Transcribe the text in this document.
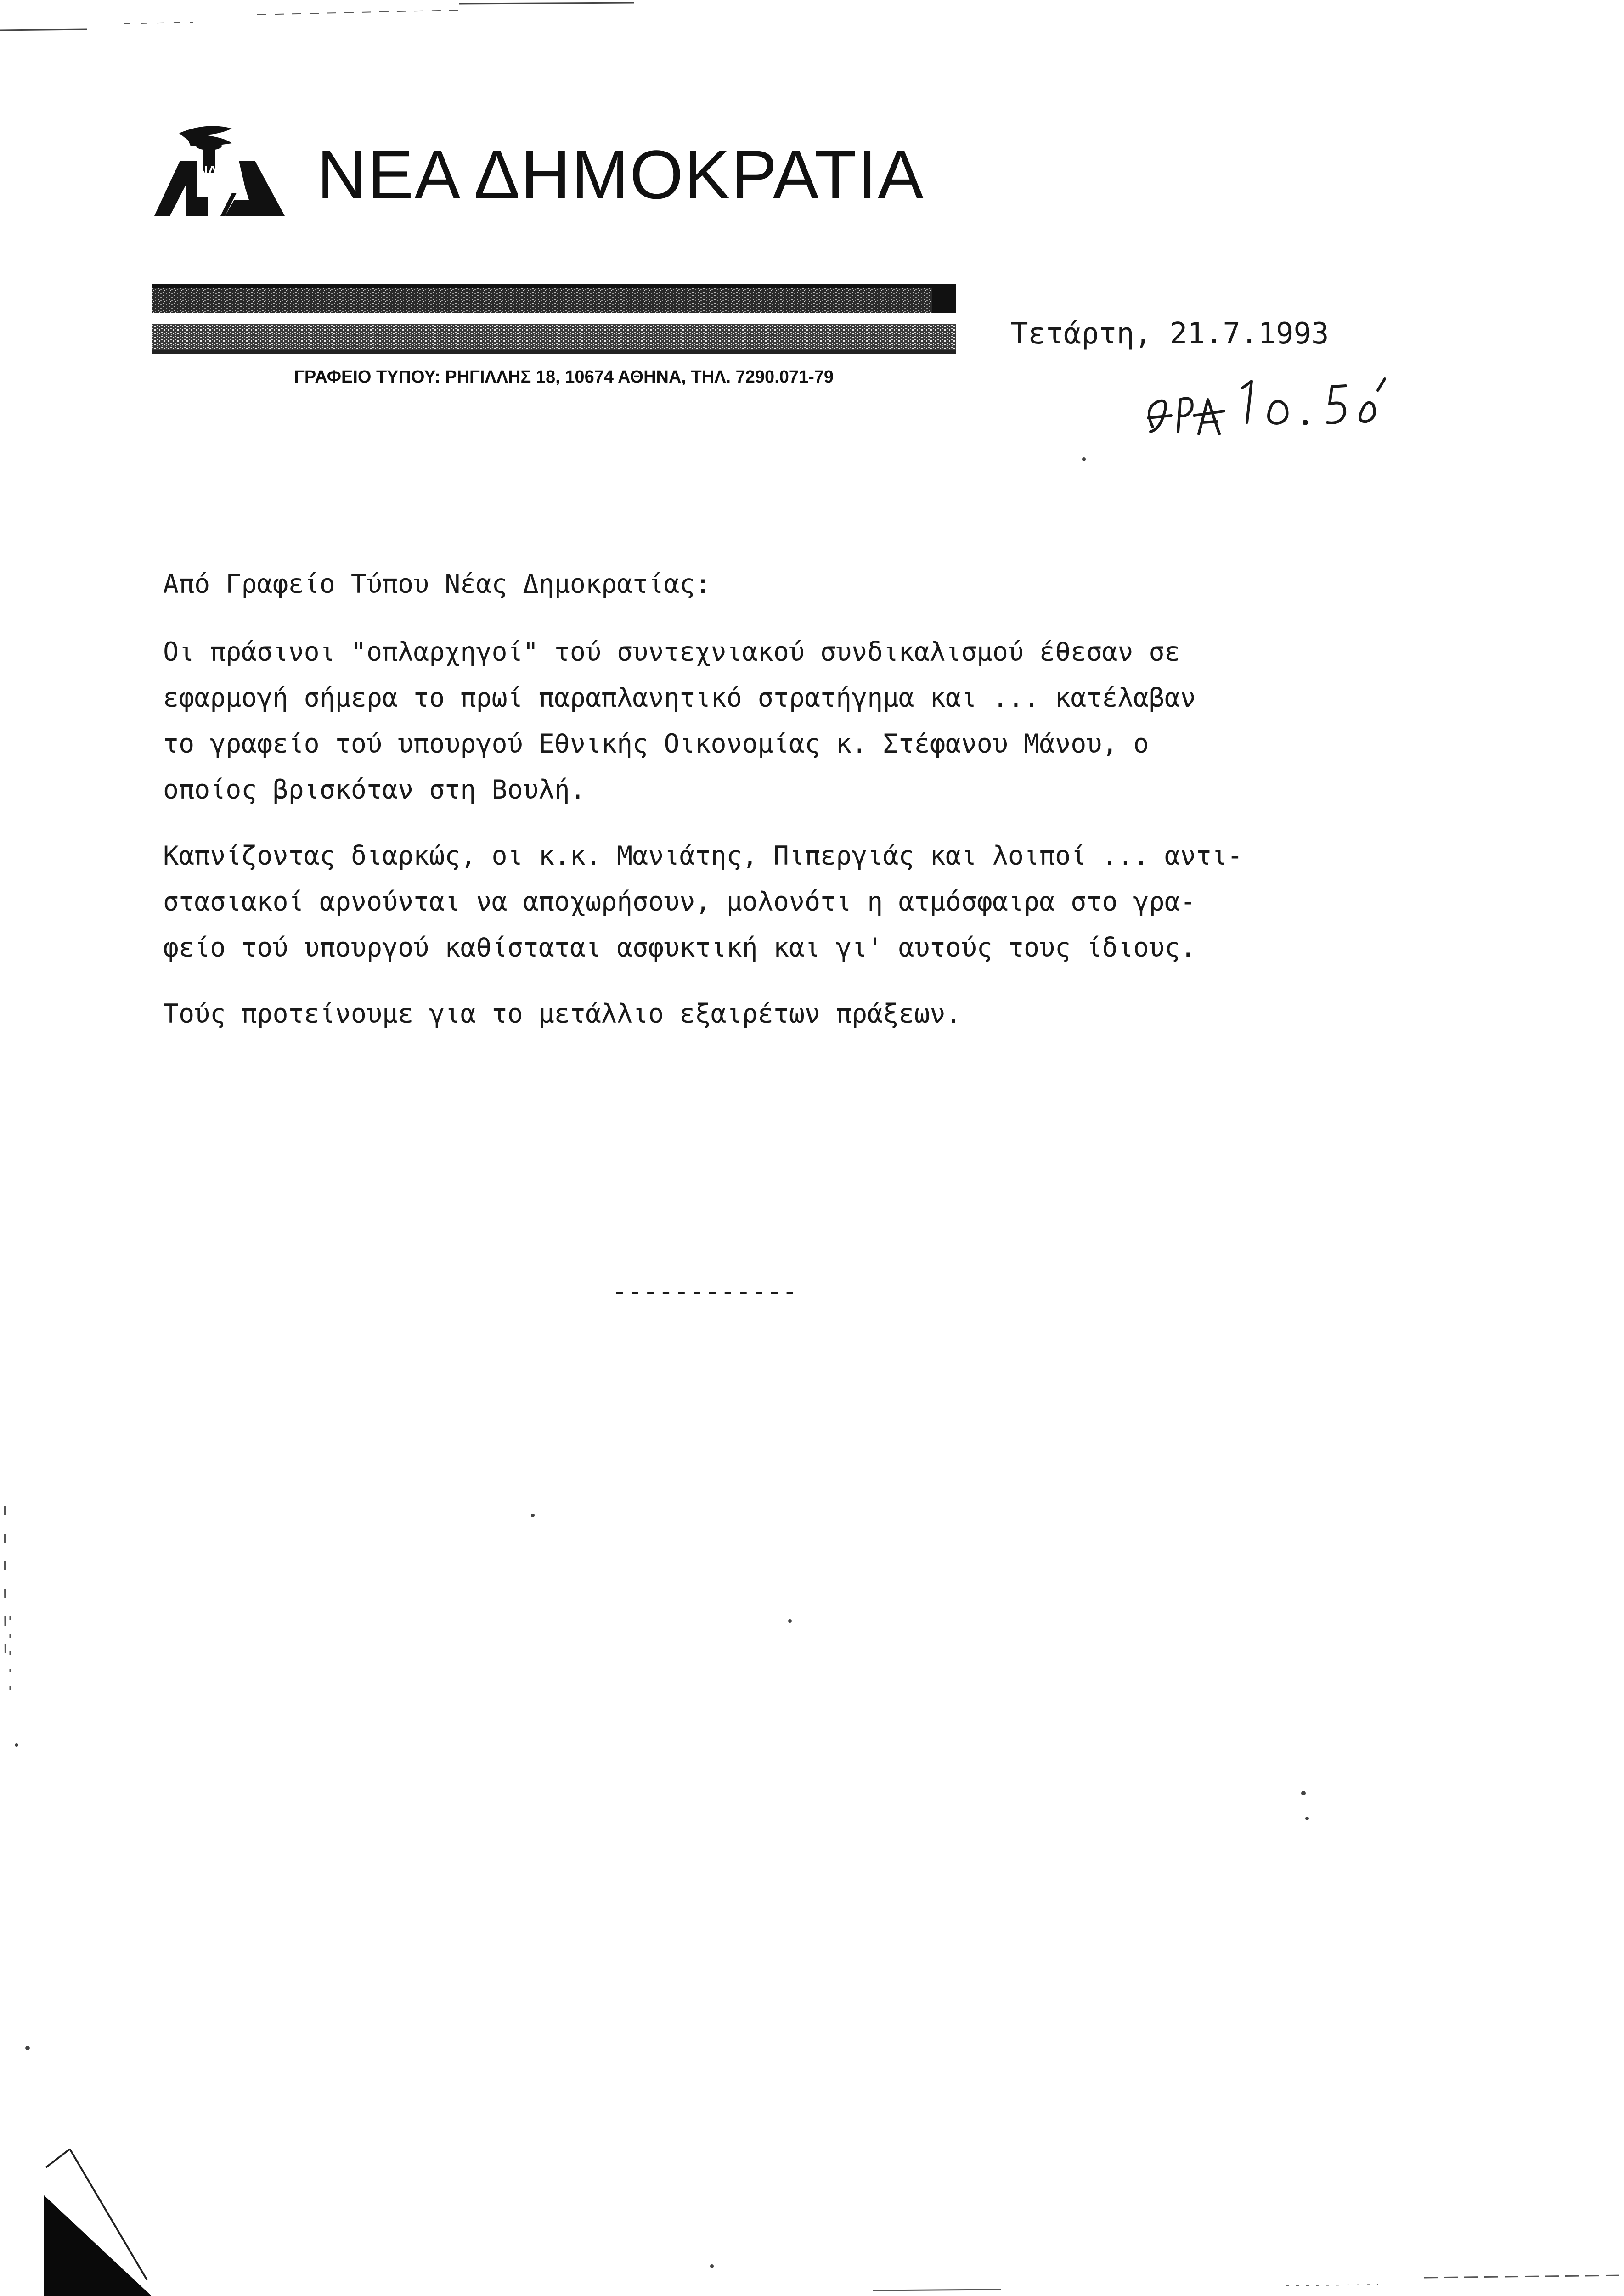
ΝΔ ΝΕΑ ΔΗΜΟΚΡΑΤΙΑ
ΓΡΑΦΕΙΟ ΤΥΠΟΥ: ΡΗΓΙΛΛΗΣ 18, 10674 ΑΘΗΝΑ, ΤΗΛ. 7290.071-79
Τετάρτη, 21.7.1993

Από Γραφείο Τύπου Νέας Δημοκρατίας:

Οι πράσινοι "οπλαρχηγοί" τού συντεχνιακού συνδικαλισμού έθεσαν σε

εφαρμογή σήμερα το πρωί παραπλανητικό στρατήγημα και ... κατέλαβαν

το γραφείο τού υπουργού Εθνικής Οικονομίας κ. Στέφανου Μάνου, ο

οποίος βρισκόταν στη Βουλή.

Καπνίζοντας διαρκώς, οι κ.κ. Μανιάτης, Πιπεργιάς και λοιποί ... αντι-

στασιακοί αρνούνται να αποχωρήσουν, μολονότι η ατμόσφαιρα στο γρα-

φείο τού υπουργού καθίσταται ασφυκτική και γι' αυτούς τους ίδιους.

Τούς προτείνουμε για το μετάλλιο εξαιρέτων πράξεων.

------------
